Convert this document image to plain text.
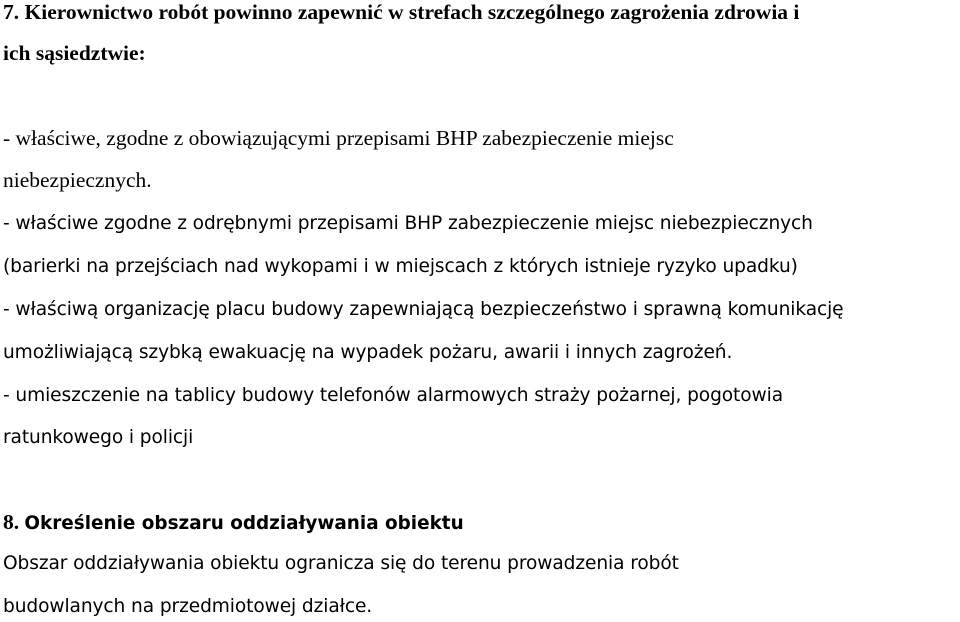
7. Kierownictwo robót powinno zapewnić w strefach szczególnego zagrożenia zdrowia i
ich sąsiedztwie:
- właściwe, zgodne z obowiązującymi przepisami BHP zabezpieczenie miejsc
niebezpiecznych.
- właściwe zgodne z odrębnymi przepisami BHP zabezpieczenie miejsc niebezpiecznych
(barierki na przejściach nad wykopami i w miejscach z których istnieje ryzyko upadku)
- właściwą organizację placu budowy zapewniającą bezpieczeństwo i sprawną komunikację
umożliwiającą szybką ewakuację na wypadek pożaru, awarii i innych zagrożeń.
- umieszczenie na tablicy budowy telefonów alarmowych straży pożarnej, pogotowia
ratunkowego i policji
8. Określenie obszaru oddziaływania obiektu
Obszar oddziaływania obiektu ogranicza się do terenu prowadzenia robót
budowlanych na przedmiotowej działce.
